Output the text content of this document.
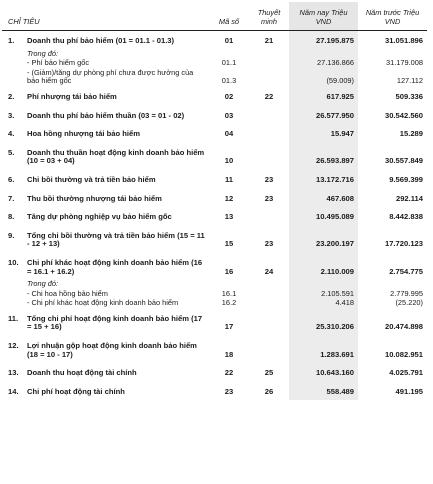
CHỈ TIÊU	Mã số	Thuyết minh	Năm nay Triệu VND	Năm trước Triệu VND
1. Doanh thu phí bảo hiểm (01 = 01.1 - 01.3)	01	21	27.195.875	31.051.896
Trong đó:				
- Phí bảo hiểm gốc	01.1		27.136.866	31.179.008
- (Giảm)/tăng dự phòng phí chưa được hưởng của bảo hiểm gốc	01.3		(59.009)	127.112
2. Phí nhượng tái bảo hiểm	02	22	617.925	509.336
3. Doanh thu phí bảo hiểm thuần (03 = 01 - 02)	03		26.577.950	30.542.560
4. Hoa hồng nhượng tái bảo hiểm	04		15.947	15.289
5. Doanh thu thuần hoạt động kinh doanh bảo hiểm (10 = 03 + 04)	10		26.593.897	30.557.849
6. Chi bồi thường và trả tiền bảo hiểm	11	23	13.172.716	9.569.399
7. Thu bồi thường nhượng tái bảo hiểm	12	23	467.608	292.114
8. Tăng dự phòng nghiệp vụ bảo hiểm gốc	13		10.495.089	8.442.838
9. Tổng chi bồi thường và trả tiền bảo hiểm (15 = 11 - 12 + 13)	15	23	23.200.197	17.720.123
10. Chi phí khác hoạt động kinh doanh bảo hiểm (16 = 16.1 + 16.2)	16	24	2.110.009	2.754.775
Trong đó:				
- Chi hoa hồng bảo hiểm	16.1		2.105.591	2.779.995
- Chi phí khác hoạt động kinh doanh bảo hiểm	16.2		4.418	(25.220)
11. Tổng chi phí hoạt động kinh doanh bảo hiểm (17 = 15 + 16)	17		25.310.206	20.474.898
12. Lợi nhuận gộp hoạt động kinh doanh bảo hiểm (18 = 10 - 17)	18		1.283.691	10.082.951
13. Doanh thu hoạt động tài chính	22	25	10.643.160	4.025.791
14. Chi phí hoạt động tài chính	23	26	558.489	491.195
